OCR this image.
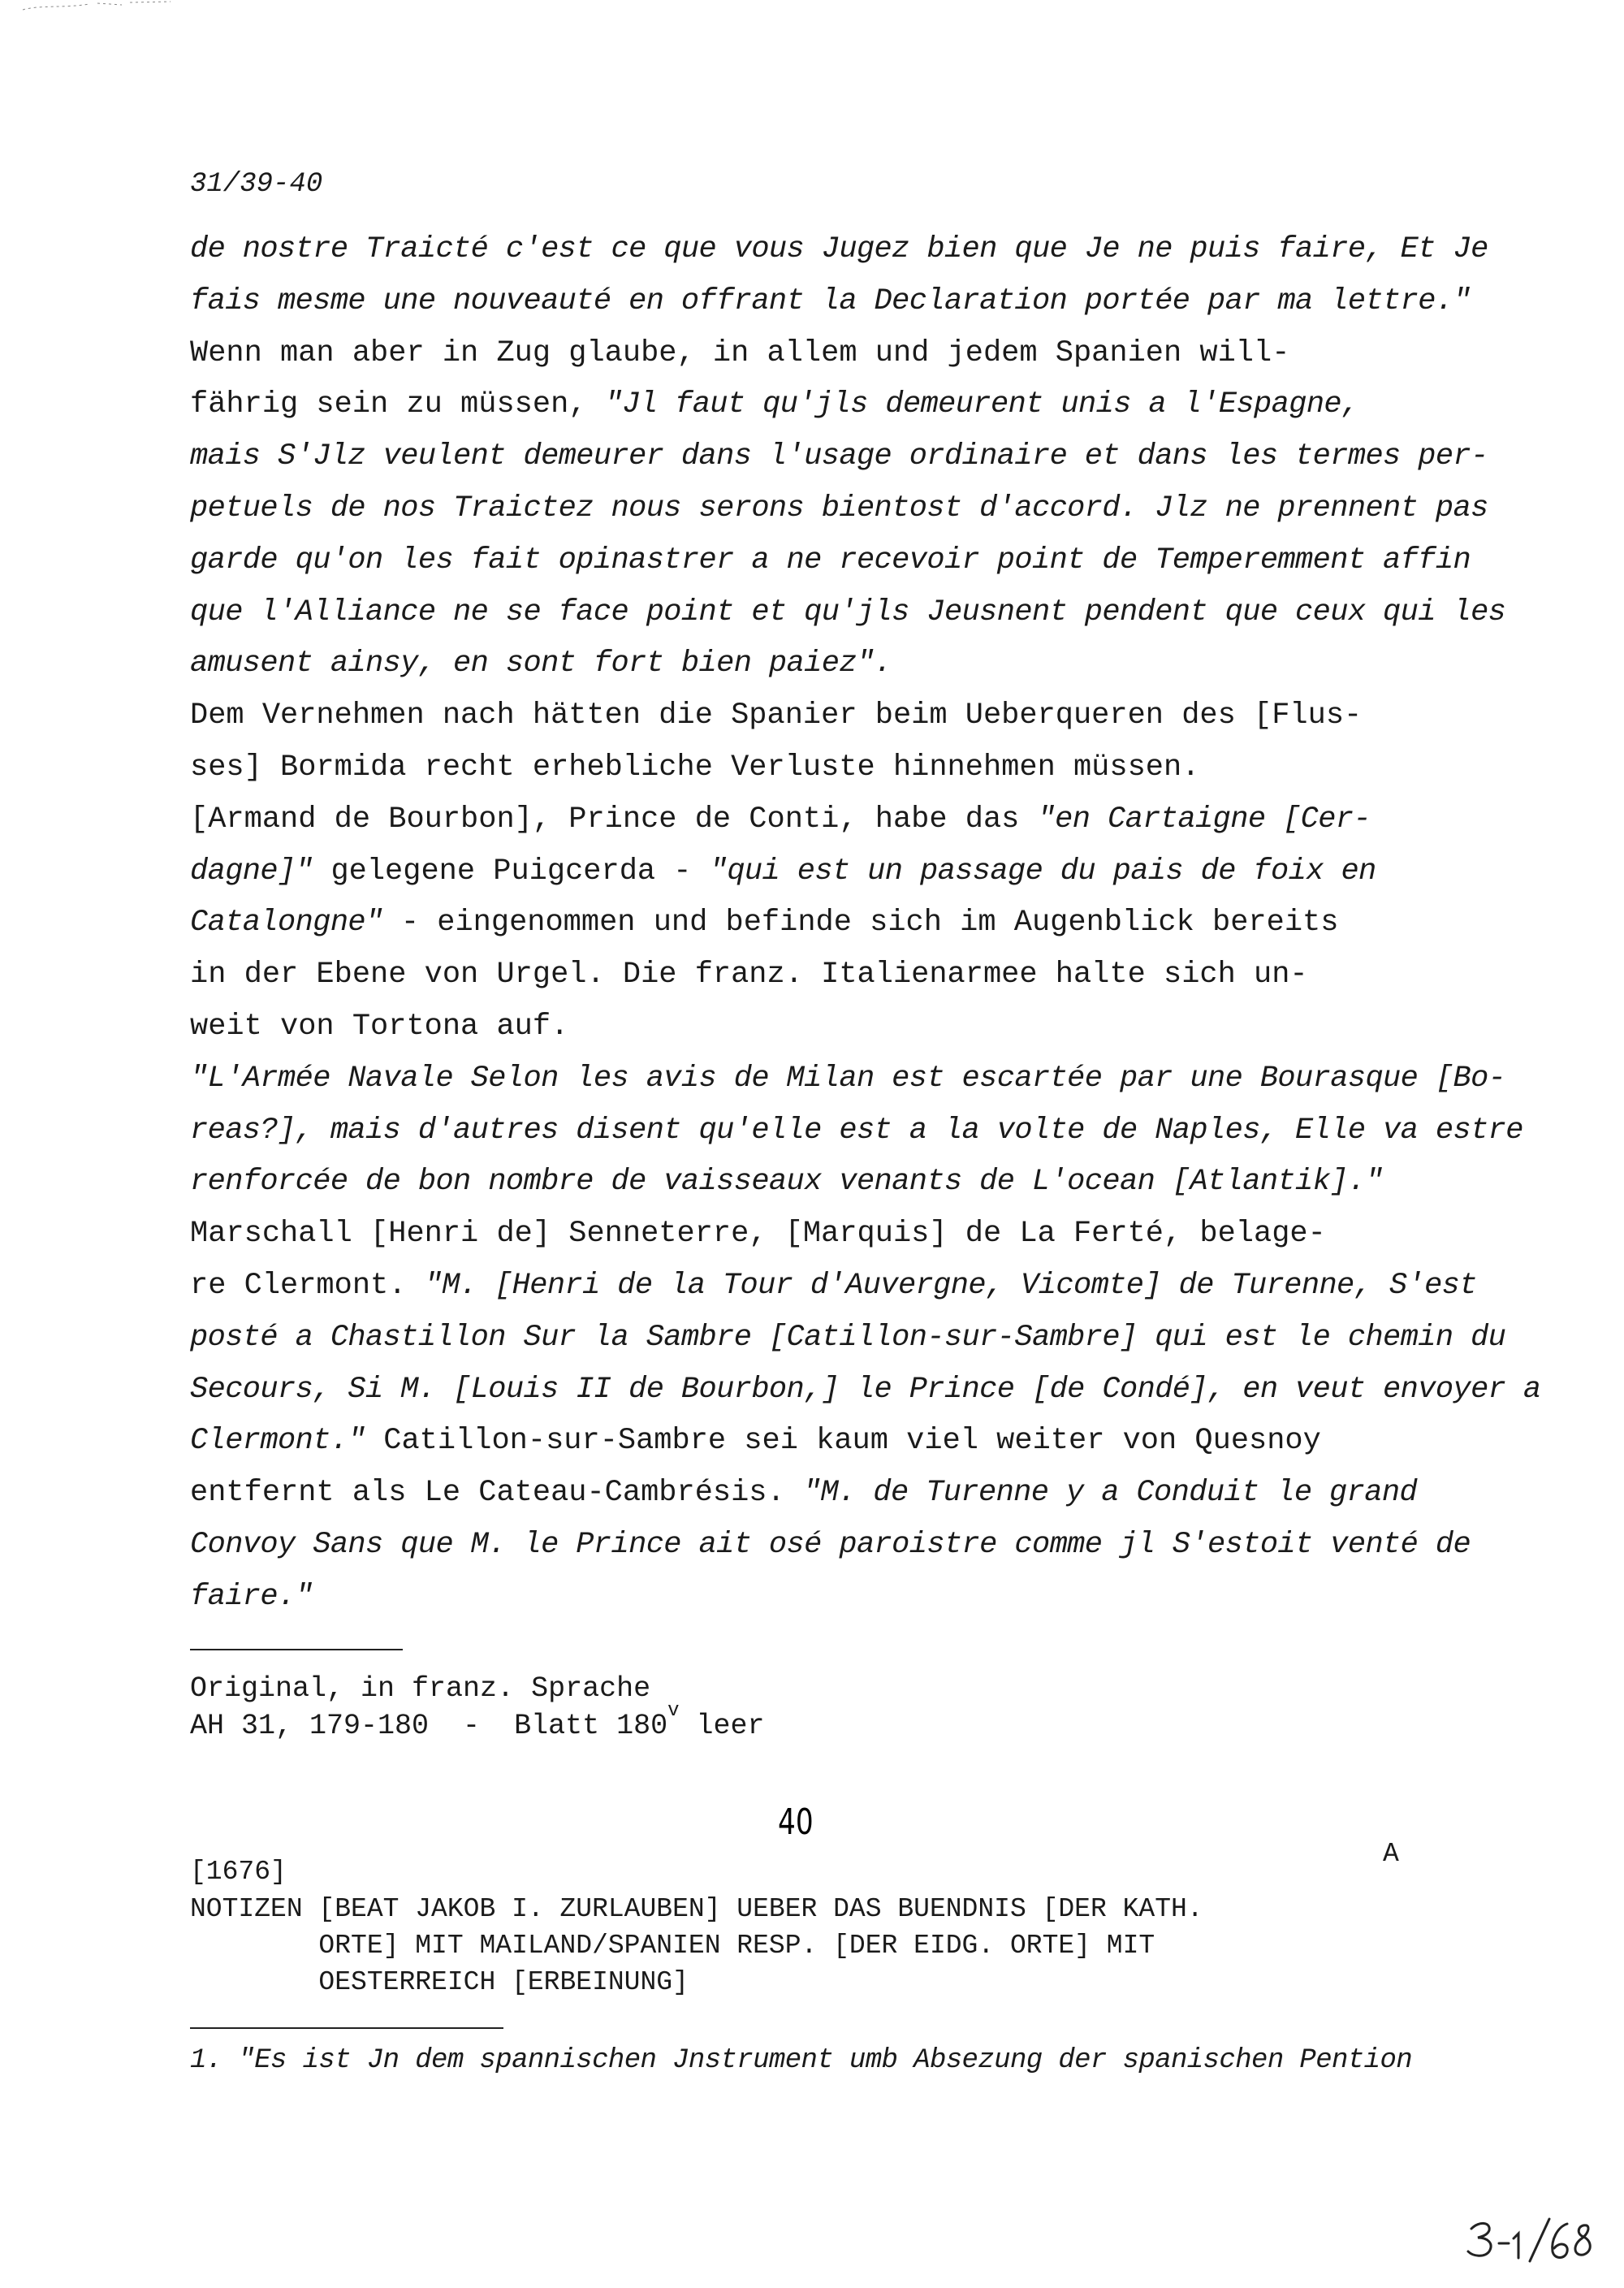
31/39-40
de nostre Traicté c'est ce que vous Jugez bien que Je ne puis faire, Et Je
fais mesme une nouveauté en offrant la Declaration portée par ma lettre."
Wenn man aber in Zug glaube, in allem und jedem Spanien will-
fährig sein zu müssen, "Jl faut qu'jls demeurent unis a l'Espagne,
mais S'Jlz veulent demeurer dans l'usage ordinaire et dans les termes per-
petuels de nos Traictez nous serons bientost d'accord. Jlz ne prennent pas
garde qu'on les fait opinastrer a ne recevoir point de Temperemment affin
que l'Alliance ne se face point et qu'jls Jeusnent pendent que ceux qui les
amusent ainsy, en sont fort bien paiez".
Dem Vernehmen nach hätten die Spanier beim Ueberqueren des [Flus-
ses] Bormida recht erhebliche Verluste hinnehmen müssen.
[Armand de Bourbon], Prince de Conti, habe das "en Cartaigne [Cer-
dagne]" gelegene Puigcerda - "qui est un passage du pais de foix en
Catalongne" - eingenommen und befinde sich im Augenblick bereits
in der Ebene von Urgel. Die franz. Italienarmee halte sich un-
weit von Tortona auf.
"L'Armée Navale Selon les avis de Milan est escartée par une Bourasque [Bo-
reas?], mais d'autres disent qu'elle est a la volte de Naples, Elle va estre
renforcée de bon nombre de vaisseaux venants de L'ocean [Atlantik]."
Marschall [Henri de] Senneterre, [Marquis] de La Ferté, belage-
re Clermont. "M. [Henri de la Tour d'Auvergne, Vicomte] de Turenne, S'est
posté a Chastillon Sur la Sambre [Catillon-sur-Sambre] qui est le chemin du
Secours, Si M. [Louis II de Bourbon,] le Prince [de Condé], en veut envoyer a
Clermont." Catillon-sur-Sambre sei kaum viel weiter von Quesnoy
entfernt als Le Cateau-Cambrésis. "M. de Turenne y a Conduit le grand
Convoy Sans que M. le Prince ait osé paroistre comme jl S'estoit venté de
faire."
Original, in franz. Sprache
AH 31, 179-180  -  Blatt 180$^v$ leer
40
A
[1676]
NOTIZEN [BEAT JAKOB I. ZURLAUBEN] UEBER DAS BUENDNIS [DER KATH.
ORTE] MIT MAILAND/SPANIEN RESP. [DER EIDG. ORTE] MIT
OESTERREICH [ERBEINUNG]
1. "Es ist Jn dem spannischen Jnstrument umb Absezung der spanischen Pention
